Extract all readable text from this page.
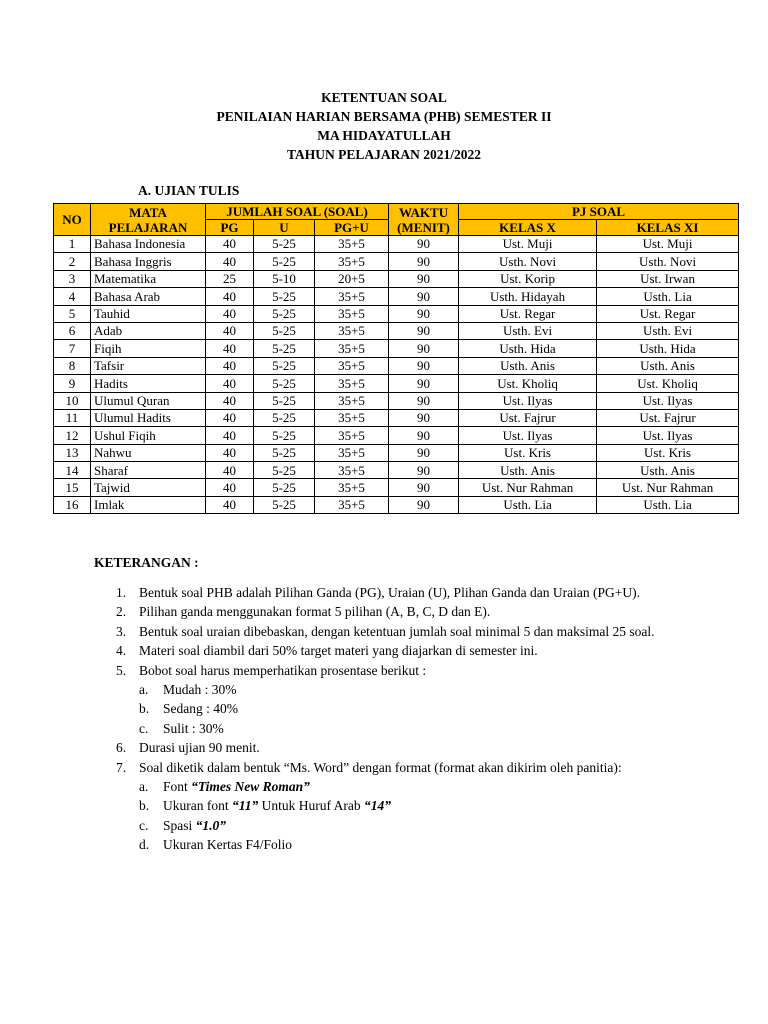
KETENTUAN SOAL
PENILAIAN HARIAN BERSAMA (PHB) SEMESTER II
MA HIDAYATULLAH
TAHUN PELAJARAN 2021/2022
A. UJIAN TULIS
NO	MATA PELAJARAN	JUMLAH SOAL (SOAL)			WAKTU (MENIT)	PJ SOAL	
		PG	U	PG+U		KELAS X	KELAS XI
1	Bahasa Indonesia	40	5-25	35+5	90	Ust. Muji	Ust. Muji
2	Bahasa Inggris	40	5-25	35+5	90	Usth. Novi	Usth. Novi
3	Matematika	25	5-10	20+5	90	Ust. Korip	Ust. Irwan
4	Bahasa Arab	40	5-25	35+5	90	Usth. Hidayah	Usth. Lia
5	Tauhid	40	5-25	35+5	90	Ust. Regar	Ust. Regar
6	Adab	40	5-25	35+5	90	Usth. Evi	Usth. Evi
7	Fiqih	40	5-25	35+5	90	Usth. Hida	Usth. Hida
8	Tafsir	40	5-25	35+5	90	Usth. Anis	Usth. Anis
9	Hadits	40	5-25	35+5	90	Ust. Kholiq	Ust. Kholiq
10	Ulumul Quran	40	5-25	35+5	90	Ust. Ilyas	Ust. Ilyas
11	Ulumul Hadits	40	5-25	35+5	90	Ust. Fajrur	Ust. Fajrur
12	Ushul Fiqih	40	5-25	35+5	90	Ust. Ilyas	Ust. Ilyas
13	Nahwu	40	5-25	35+5	90	Ust. Kris	Ust. Kris
14	Sharaf	40	5-25	35+5	90	Usth. Anis	Usth. Anis
15	Tajwid	40	5-25	35+5	90	Ust. Nur Rahman	Ust. Nur Rahman
16	Imlak	40	5-25	35+5	90	Usth. Lia	Usth. Lia
KETERANGAN :
1. Bentuk soal PHB adalah Pilihan Ganda (PG), Uraian (U), Plihan Ganda dan Uraian (PG+U).
2. Pilihan ganda menggunakan format 5 pilihan (A, B, C, D dan E).
3. Bentuk soal uraian dibebaskan, dengan ketentuan jumlah soal minimal 5 dan maksimal 25 soal.
4. Materi soal diambil dari 50% target materi yang diajarkan di semester ini.
5. Bobot soal harus memperhatikan prosentase berikut :
a.	Mudah : 30%
b.	Sedang : 40%
c.	Sulit : 30%
6. Durasi ujian 90 menit.
7. Soal diketik dalam bentuk “Ms. Word” dengan format (format akan dikirim oleh panitia):
a.	Font “Times New Roman”
b.	Ukuran font “11” Untuk Huruf Arab “14”
c.	Spasi “1.0”
d.	Ukuran Kertas F4/Folio
